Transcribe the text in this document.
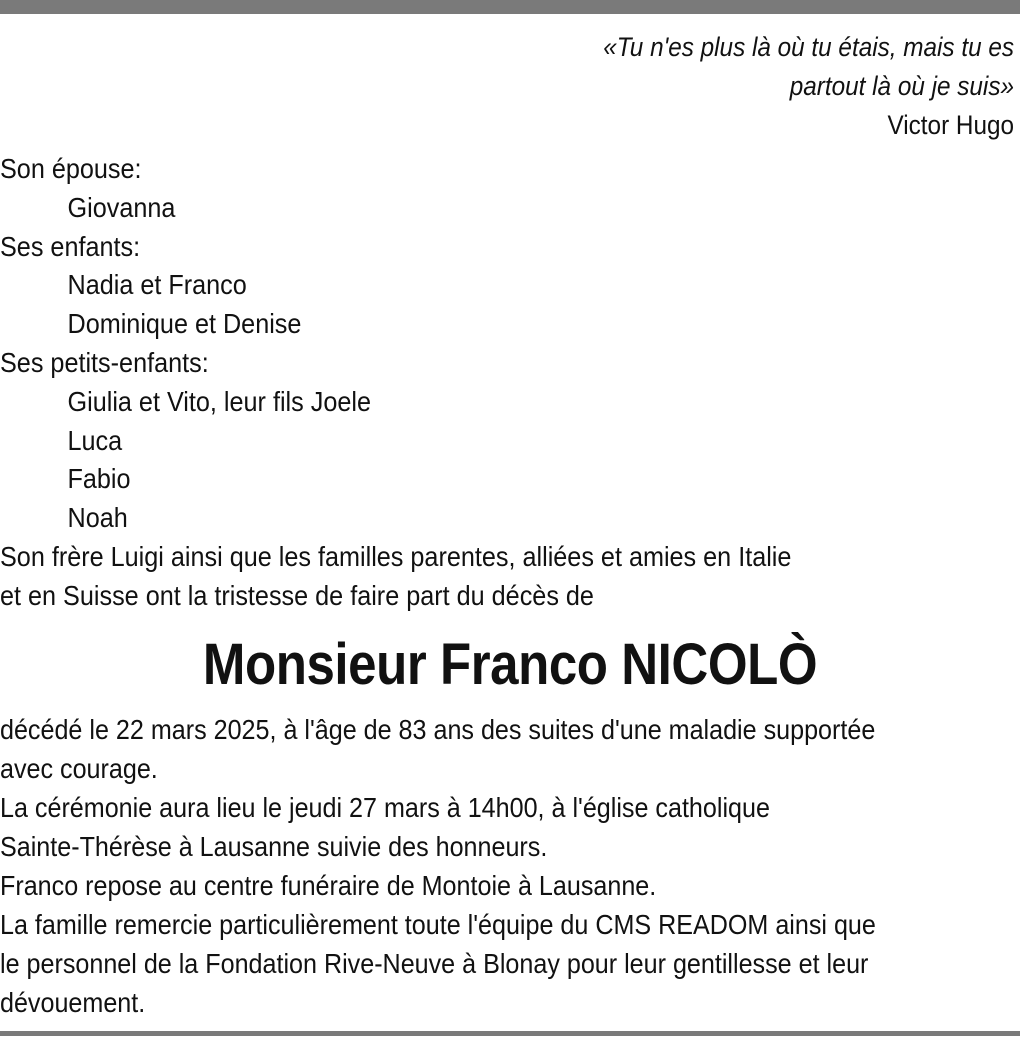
«Tu n'es plus là où tu étais, mais tu es
partout là où je suis»
Victor Hugo
Son épouse:
Giovanna
Ses enfants:
Nadia et Franco
Dominique et Denise
Ses petits-enfants:
Giulia et Vito, leur fils Joele
Luca
Fabio
Noah
Son frère Luigi ainsi que les familles parentes, alliées et amies en Italie
et en Suisse ont la tristesse de faire part du décès de
Monsieur Franco NICOLÒ
décédé le 22 mars 2025, à l'âge de 83 ans des suites d'une maladie supportée
avec courage.
La cérémonie aura lieu le jeudi 27 mars à 14h00, à l'église catholique
Sainte-Thérèse à Lausanne suivie des honneurs.
Franco repose au centre funéraire de Montoie à Lausanne.
La famille remercie particulièrement toute l'équipe du CMS READOM ainsi que
le personnel de la Fondation Rive-Neuve à Blonay pour leur gentillesse et leur
dévouement.
